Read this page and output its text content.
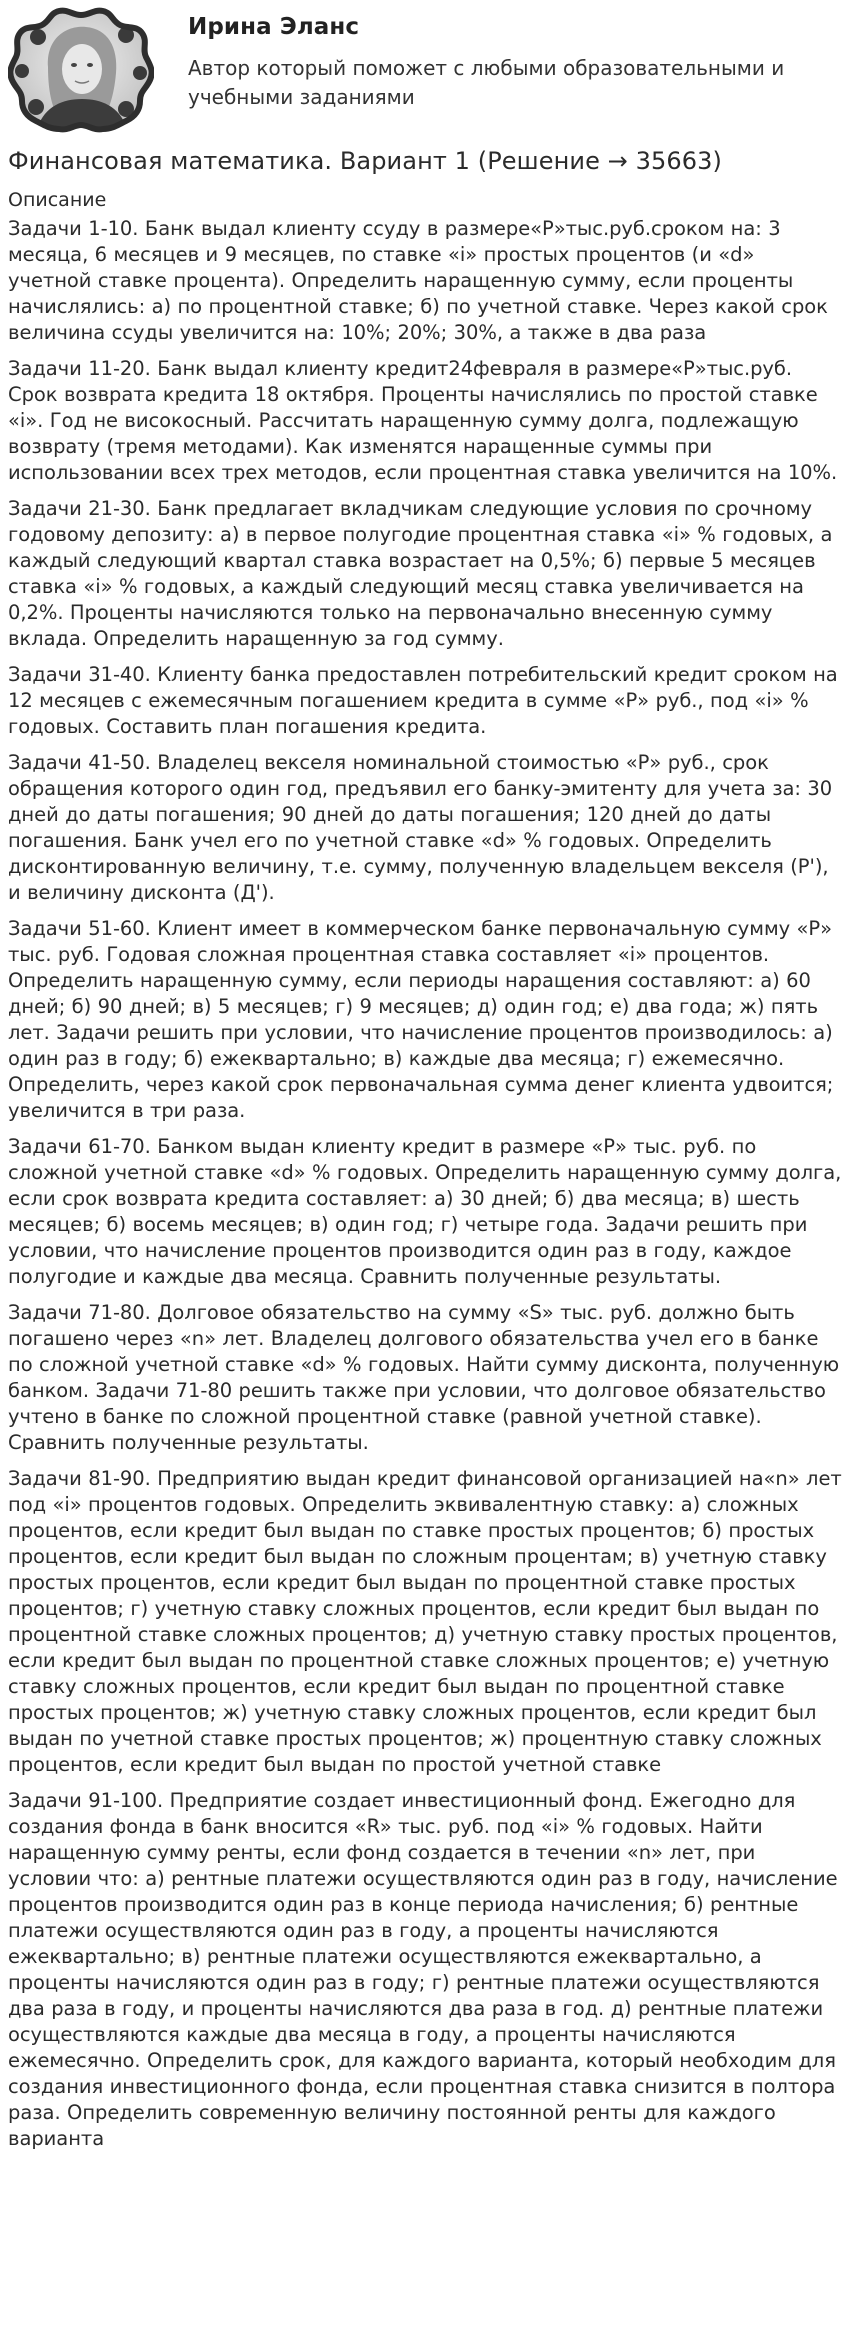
Ирина Эланс
Автор который поможет с любыми образовательными и учебными заданиями
Финансовая математика. Вариант 1 (Решение → 35663)
Описание

Задачи 1-10. Банк выдал клиенту ссуду в размере«Р»тыс.руб.сроком на: 3 месяца, 6 месяцев и 9 месяцев, по ставке «i» простых процентов (и «d» учетной ставке процента). Определить наращенную сумму, если проценты начислялись: а) по процентной ставке; б) по учетной ставке. Через какой срок величина ссуды увеличится на: 10%; 20%; 30%, а также в два раза

Задачи 11-20. Банк выдал клиенту кредит24февраля в размере«Р»тыс.руб. Срок возврата кредита 18 октября. Проценты начислялись по простой ставке «i». Год не високосный. Рассчитать наращенную сумму долга, подлежащую возврату (тремя методами). Как изменятся наращенные суммы при использовании всех трех методов, если процентная ставка увеличится на 10%.

Задачи 21-30. Банк предлагает вкладчикам следующие условия по срочному годовому депозиту: а) в первое полугодие процентная ставка «i» % годовых, а каждый следующий квартал ставка возрастает на 0,5%; б) первые 5 месяцев ставка «i» % годовых, а каждый следующий месяц ставка увеличивается на 0,2%. Проценты начисляются только на первоначально внесенную сумму вклада. Определить наращенную за год сумму.

Задачи 31-40. Клиенту банка предоставлен потребительский кредит сроком на 12 месяцев с ежемесячным погашением кредита в сумме «Р» руб., под «i» % годовых. Составить план погашения кредита.

Задачи 41-50. Владелец векселя номинальной стоимостью «Р» руб., срок обращения которого один год, предъявил его банку-эмитенту для учета за: 30 дней до даты погашения; 90 дней до даты погашения; 120 дней до даты погашения. Банк учел его по учетной ставке «d» % годовых. Определить дисконтированную величину, т.е. сумму, полученную владельцем векселя (Р'), и величину дисконта (Д').

Задачи 51-60. Клиент имеет в коммерческом банке первоначальную сумму «Р» тыс. руб. Годовая сложная процентная ставка составляет «i» процентов. Определить наращенную сумму, если периоды наращения составляют: а) 60 дней; б) 90 дней; в) 5 месяцев; г) 9 месяцев; д) один год; е) два года; ж) пять лет. Задачи решить при условии, что начисление процентов производилось: а) один раз в году; б) ежеквартально; в) каждые два месяца; г) ежемесячно. Определить, через какой срок первоначальная сумма денег клиента удвоится; увеличится в три раза.

Задачи 61-70. Банком выдан клиенту кредит в размере «Р» тыс. руб. по сложной учетной ставке «d» % годовых. Определить наращенную сумму долга, если срок возврата кредита составляет: а) 30 дней; б) два месяца; в) шесть месяцев; б) восемь месяцев; в) один год; г) четыре года. Задачи решить при условии, что начисление процентов производится один раз в году, каждое полугодие и каждые два месяца. Сравнить полученные результаты.

Задачи 71-80. Долговое обязательство на сумму «S» тыс. руб. должно быть погашено через «n» лет. Владелец долгового обязательства учел его в банке по сложной учетной ставке «d» % годовых. Найти сумму дисконта, полученную банком. Задачи 71-80 решить также при условии, что долговое обязательство учтено в банке по сложной процентной ставке (равной учетной ставке). Сравнить полученные результаты.

Задачи 81-90. Предприятию выдан кредит финансовой организацией на«n» лет под «i» процентов годовых. Определить эквивалентную ставку: а) сложных процентов, если кредит был выдан по ставке простых процентов; б) простых процентов, если кредит был выдан по сложным процентам; в) учетную ставку простых процентов, если кредит был выдан по процентной ставке простых процентов; г) учетную ставку сложных процентов, если кредит был выдан по процентной ставке сложных процентов; д) учетную ставку простых процентов, если кредит был выдан по процентной ставке сложных процентов; е) учетную ставку сложных процентов, если кредит был выдан по процентной ставке простых процентов; ж) учетную ставку сложных процентов, если кредит был выдан по учетной ставке простых процентов; ж) процентную ставку сложных процентов, если кредит был выдан по простой учетной ставке

Задачи 91-100. Предприятие создает инвестиционный фонд. Ежегодно для создания фонда в банк вносится «R» тыс. руб. под «i» % годовых. Найти наращенную сумму ренты, если фонд создается в течении «n» лет, при условии что: а) рентные платежи осуществляются один раз в году, начисление процентов производится один раз в конце периода начисления; б) рентные платежи осуществляются один раз в году, а проценты начисляются ежеквартально; в) рентные платежи осуществляются ежеквартально, а проценты начисляются один раз в году; г) рентные платежи осуществляются два раза в году, и проценты начисляются два раза в год. д) рентные платежи осуществляются каждые два месяца в году, а проценты начисляются ежемесячно. Определить срок, для каждого варианта, который необходим для создания инвестиционного фонда, если процентная ставка снизится в полтора раза. Определить современную величину постоянной ренты для каждого варианта
